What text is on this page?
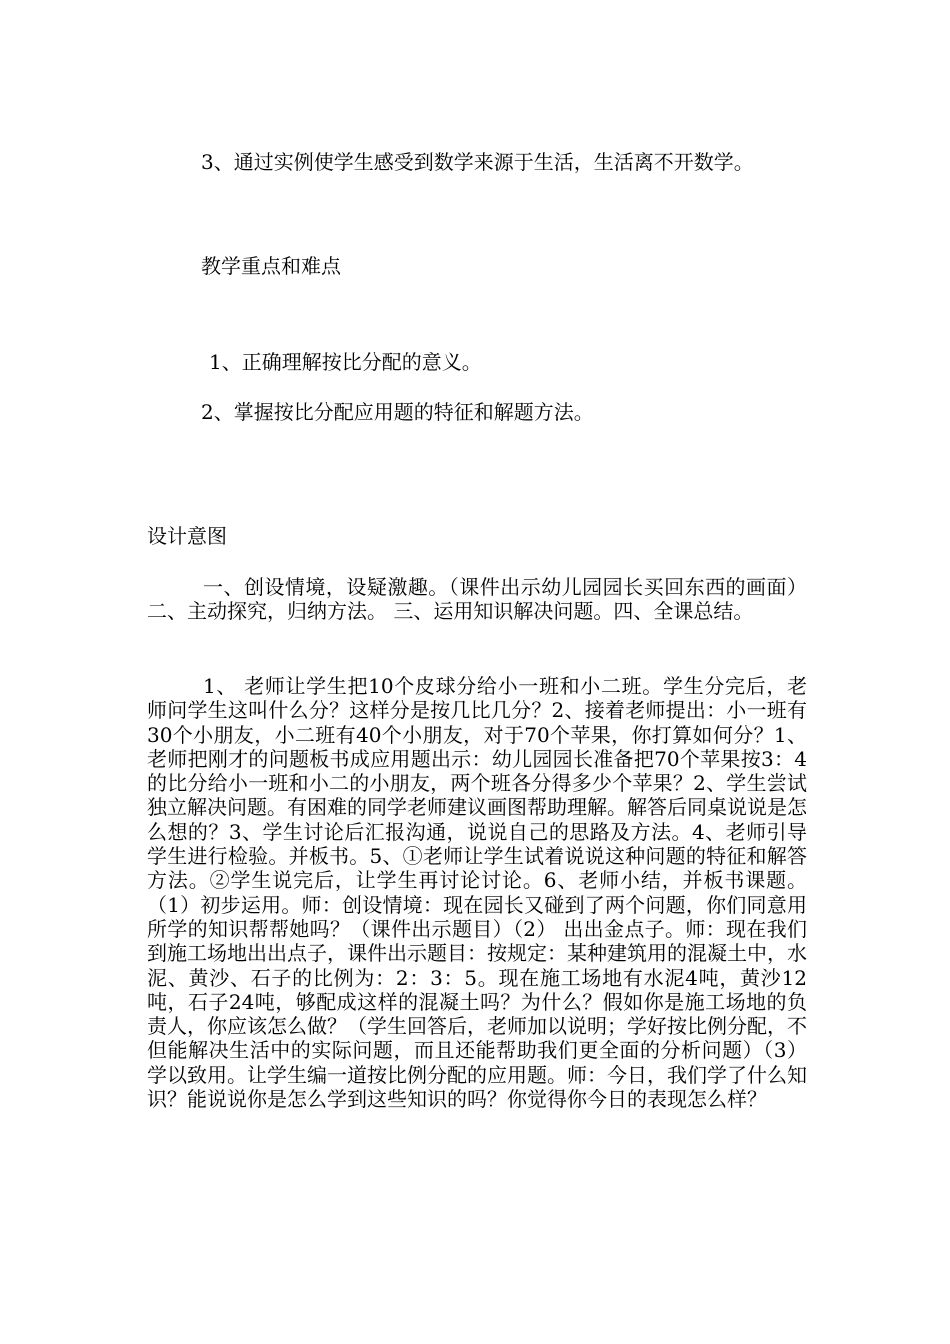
3、通过实例使学生感受到数学来源于生活，生活离不开数学。

教学重点和难点

1、正确理解按比分配的意义。

2、掌握按比分配应用题的特征和解题方法。

设计意图

一、创设情境，设疑激趣。（课件出示幼儿园园长买回东西的画面） 二、主动探究，归纳方法。 三、运用知识解决问题。四、全课总结。

1、 老师让学生把10个皮球分给小一班和小二班。学生分完后，老师问学生这叫什么分？这样分是按几比几分？2、接着老师提出：小一班有30个小朋友，小二班有40个小朋友，对于70个苹果，你打算如何分？1、老师把刚才的问题板书成应用题出示：幼儿园园长准备把70个苹果按3：4的比分给小一班和小二的小朋友，两个班各分得多少个苹果？2、学生尝试独立解决问题。有困难的同学老师建议画图帮助理解。解答后同桌说说是怎么想的？3、学生讨论后汇报沟通，说说自己的思路及方法。4、老师引导学生进行检验。并板书。5、①老师让学生试着说说这种问题的特征和解答方法。②学生说完后，让学生再讨论讨论。6、老师小结，并板书课题。（1）初步运用。师：创设情境：现在园长又碰到了两个问题，你们同意用所学的知识帮帮她吗？（课件出示题目）（2） 出出金点子。师：现在我们到施工场地出出点子，课件出示题目：按规定：某种建筑用的混凝土中，水泥、黄沙、石子的比例为：2：3：5。现在施工场地有水泥4吨，黄沙12吨，石子24吨，够配成这样的混凝土吗？为什么？假如你是施工场地的负责人，你应该怎么做？（学生回答后，老师加以说明；学好按比例分配，不但能解决生活中的实际问题，而且还能帮助我们更全面的分析问题）（3） 学以致用。让学生编一道按比例分配的应用题。师：今日，我们学了什么知识？能说说你是怎么学到这些知识的吗？你觉得你今日的表现怎么样？
